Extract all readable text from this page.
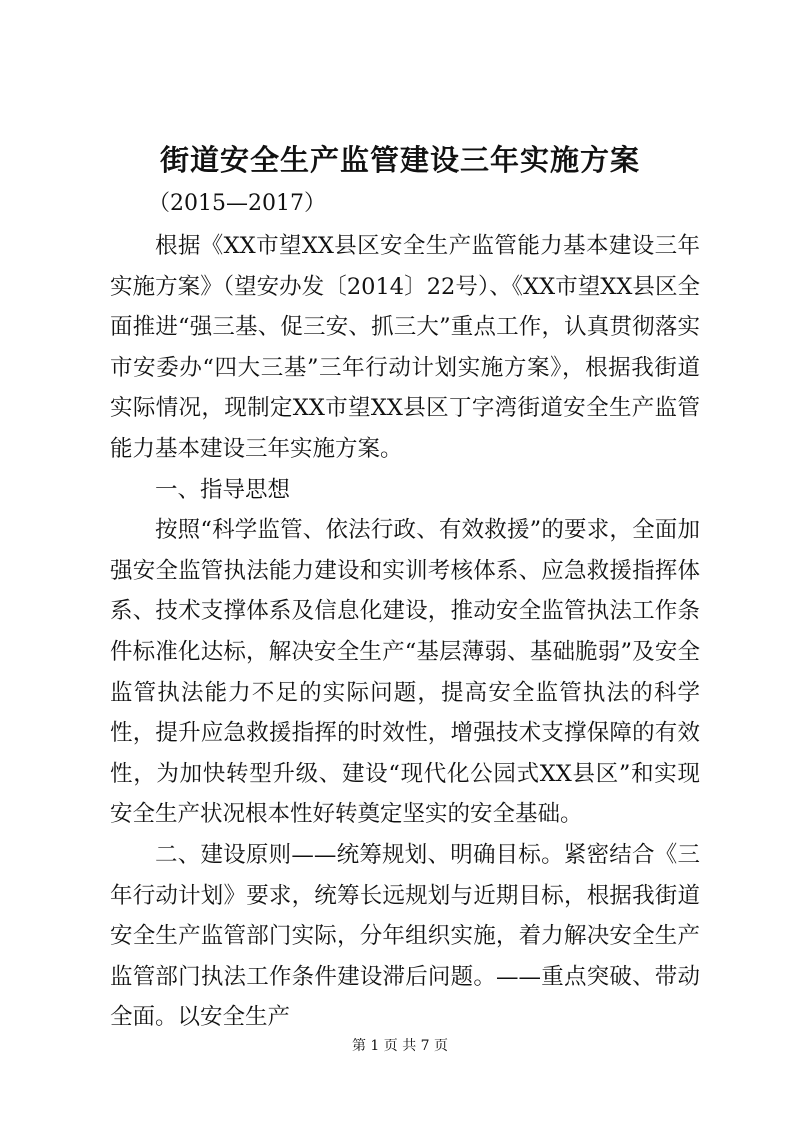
街道安全生产监管建设三年实施方案

（2015—2017）

根据《XX市望XX县区安全生产监管能力基本建设三年实施方案》（望安办发〔2014〕22号）、《XX市望XX县区全面推进“强三基、促三安、抓三大”重点工作，认真贯彻落实市安委办“四大三基”三年行动计划实施方案》，根据我街道实际情况，现制定XX市望XX县区丁字湾街道安全生产监管能力基本建设三年实施方案。

一、指导思想

按照“科学监管、依法行政、有效救援”的要求，全面加强安全监管执法能力建设和实训考核体系、应急救援指挥体系、技术支撑体系及信息化建设，推动安全监管执法工作条件标准化达标，解决安全生产“基层薄弱、基础脆弱”及安全监管执法能力不足的实际问题，提高安全监管执法的科学性，提升应急救援指挥的时效性，增强技术支撑保障的有效性，为加快转型升级、建设“现代化公园式XX县区”和实现安全生产状况根本性好转奠定坚实的安全基础。

二、建设原则——统筹规划、明确目标。紧密结合《三年行动计划》要求，统筹长远规划与近期目标，根据我街道安全生产监管部门实际，分年组织实施，着力解决安全生产监管部门执法工作条件建设滞后问题。——重点突破、带动全面。以安全生产

第 1 页 共 7 页
